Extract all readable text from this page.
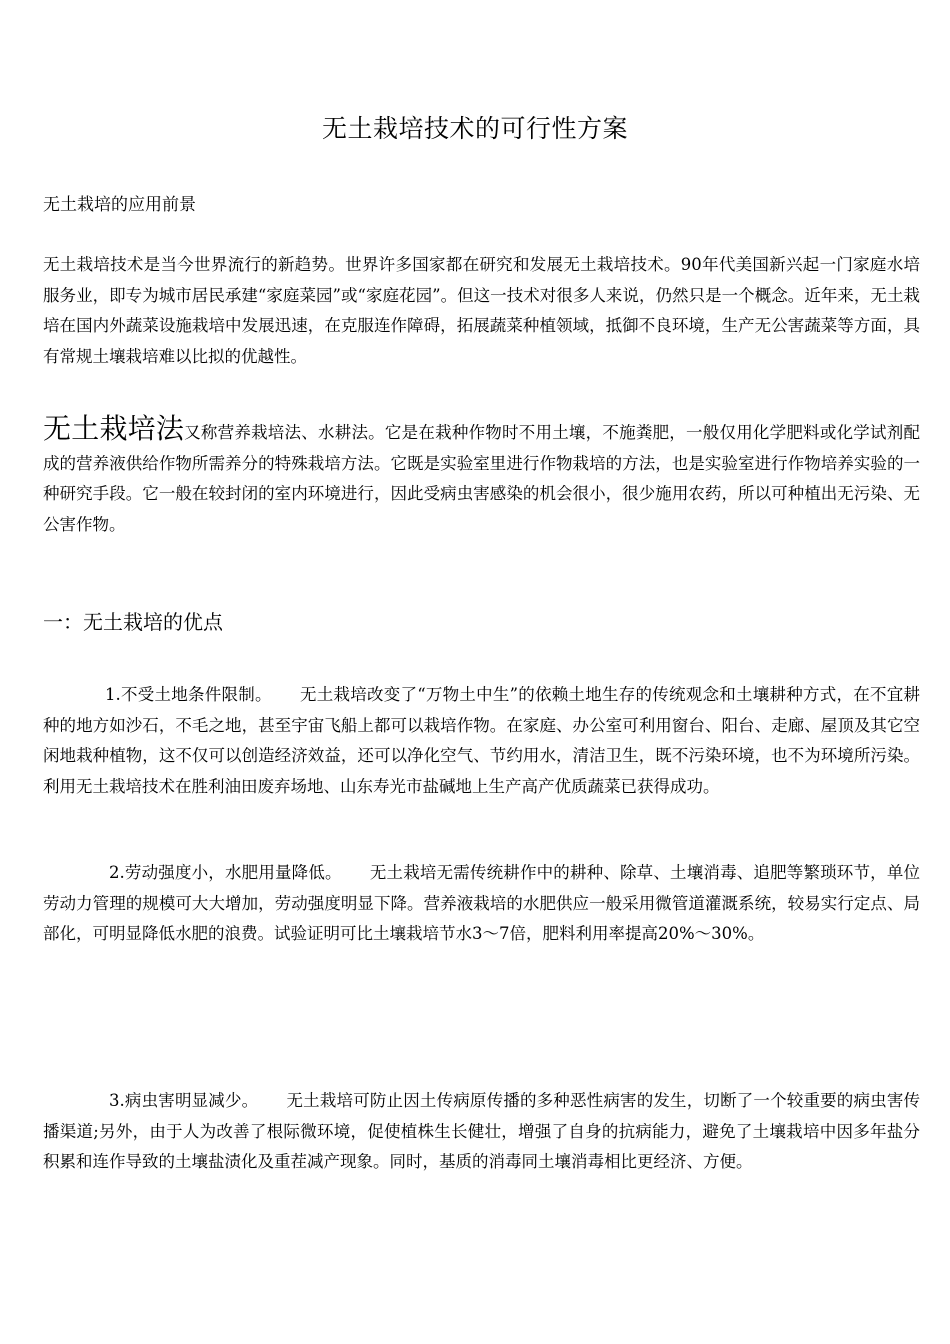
无土栽培技术的可行性方案
无土栽培的应用前景

无土栽培技术是当今世界流行的新趋势。世界许多国家都在研究和发展无土栽培技术。90年代美国新兴起一门家庭水培服务业，即专为城市居民承建“家庭菜园”或“家庭花园”。但这一技术对很多人来说，仍然只是一个概念。近年来，无土栽培在国内外蔬菜设施栽培中发展迅速，在克服连作障碍，拓展蔬菜种植领域，抵御不良环境，生产无公害蔬菜等方面，具有常规土壤栽培难以比拟的优越性。

无土栽培法又称营养栽培法、水耕法。它是在栽种作物时不用土壤，不施粪肥，一般仅用化学肥料或化学试剂配成的营养液供给作物所需养分的特殊栽培方法。它既是实验室里进行作物栽培的方法，也是实验室进行作物培养实验的一种研究手段。它一般在较封闭的室内环境进行，因此受病虫害感染的机会很小，很少施用农药，所以可种植出无污染、无公害作物。

一：无土栽培的优点

1.不受土地条件限制。 无土栽培改变了“万物土中生”的依赖土地生存的传统观念和土壤耕种方式，在不宜耕种的地方如沙石，不毛之地，甚至宇宙飞船上都可以栽培作物。在家庭、办公室可利用窗台、阳台、走廊、屋顶及其它空闲地栽种植物，这不仅可以创造经济效益，还可以净化空气、节约用水，清洁卫生，既不污染环境，也不为环境所污染。利用无土栽培技术在胜利油田废弃场地、山东寿光市盐碱地上生产高产优质蔬菜已获得成功。

2.劳动强度小，水肥用量降低。 无土栽培无需传统耕作中的耕种、除草、土壤消毒、追肥等繁琐环节，单位劳动力管理的规模可大大增加，劳动强度明显下降。营养液栽培的水肥供应一般采用微管道灌溉系统，较易实行定点、局部化，可明显降低水肥的浪费。试验证明可比土壤栽培节水3～7倍，肥料利用率提高20%～30%。

3.病虫害明显减少。 无土栽培可防止因土传病原传播的多种恶性病害的发生，切断了一个较重要的病虫害传播渠道;另外，由于人为改善了根际微环境，促使植株生长健壮，增强了自身的抗病能力，避免了土壤栽培中因多年盐分积累和连作导致的土壤盐渍化及重茬减产现象。同时，基质的消毒同土壤消毒相比更经济、方便。
